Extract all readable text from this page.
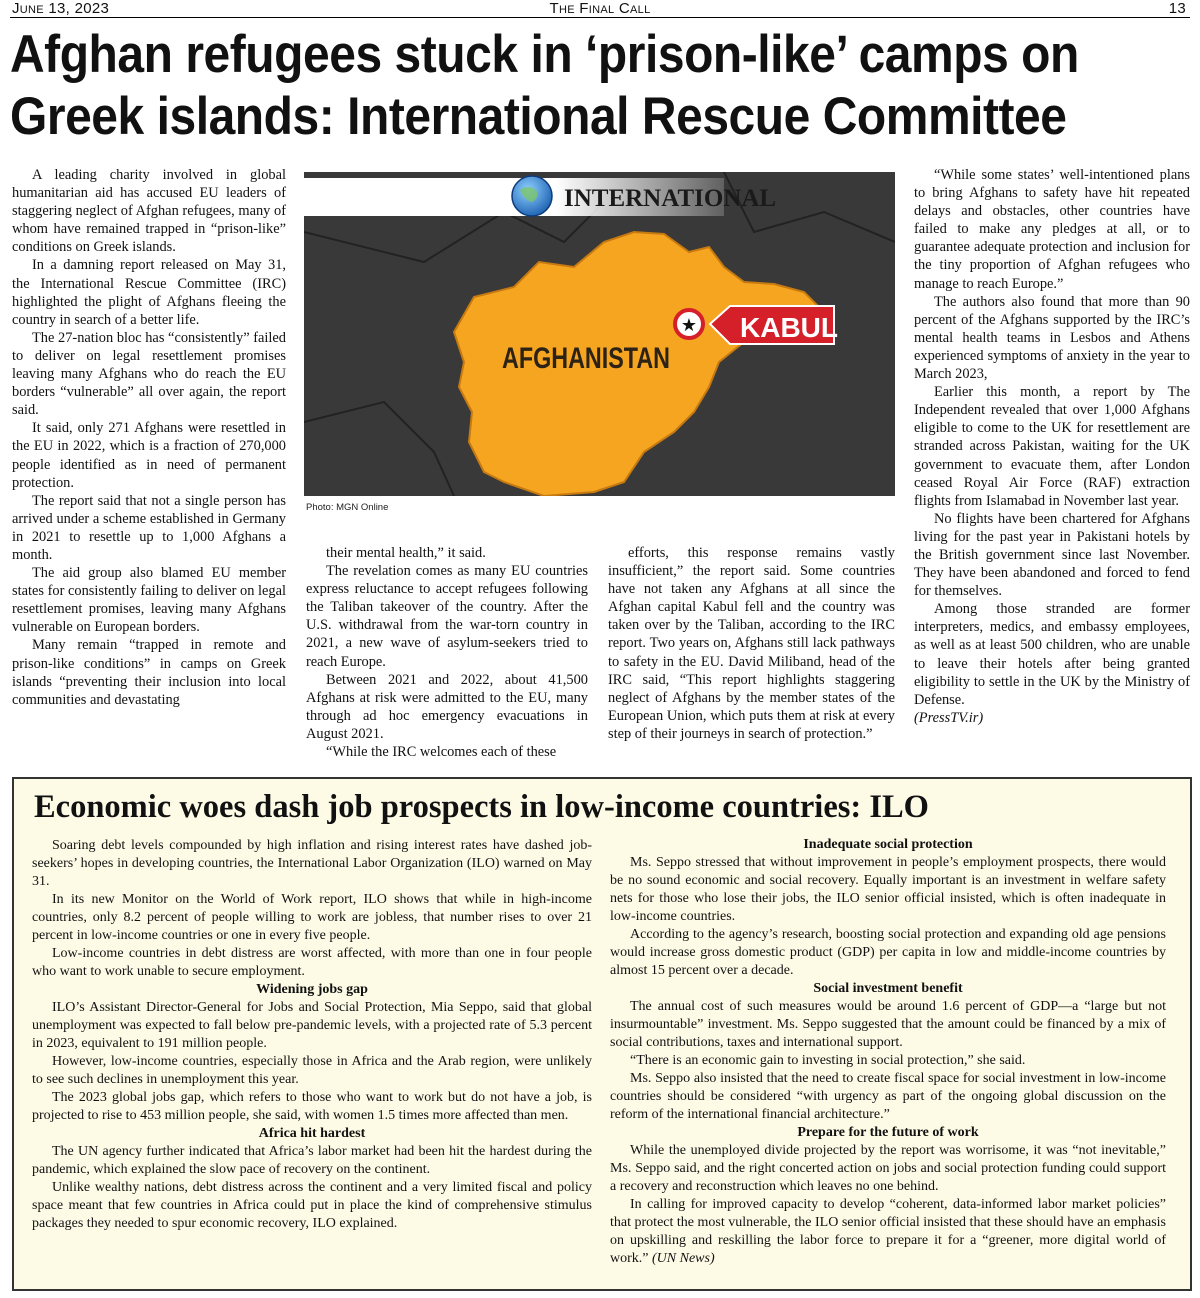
June 13, 2023	The Final Call	13
Afghan refugees stuck in ‘prison-like’ camps on
Greek islands: International Rescue Committee

A leading charity involved in global humanitarian aid has accused EU leaders of staggering neglect of Afghan refugees, many of whom have remained trapped in “prison-like” conditions on Greek islands.

In a damning report released on May 31, the International Rescue Committee (IRC) highlighted the plight of Afghans fleeing the country in search of a better life.

The 27-nation bloc has “consistently” failed to deliver on legal resettlement promises leaving many Afghans who do reach the EU borders “vulnerable” all over again, the report said.

It said, only 271 Afghans were resettled in the EU in 2022, which is a fraction of 270,000 people identified as in need of permanent protection.

The report said that not a single person has arrived under a scheme established in Germany in 2021 to resettle up to 1,000 Afghans a month.

The aid group also blamed EU member states for consistently failing to deliver on legal resettlement promises, leaving many Afghans vulnerable on European borders.

Many remain “trapped in remote and prison-like conditions” in camps on Greek islands “preventing their inclusion into local communities and devastating

INTERNATIONAL
AFGHANISTAN
★ KABUL
Photo: MGN Online

their mental health,” it said.

The revelation comes as many EU countries express reluctance to accept refugees following the Taliban takeover of the country. After the U.S. withdrawal from the war-torn country in 2021, a new wave of asylum-seekers tried to reach Europe.

Between 2021 and 2022, about 41,500 Afghans at risk were admitted to the EU, many through ad hoc emergency evacuations in August 2021.

“While the IRC welcomes each of these

efforts, this response remains vastly insufficient,” the report said. Some countries have not taken any Afghans at all since the Afghan capital Kabul fell and the country was taken over by the Taliban, according to the IRC report. Two years on, Afghans still lack pathways to safety in the EU. David Miliband, head of the IRC said, “This report highlights staggering neglect of Afghans by the member states of the European Union, which puts them at risk at every step of their journeys in search of protection.”

“While some states’ well-intentioned plans to bring Afghans to safety have hit repeated delays and obstacles, other countries have failed to make any pledges at all, or to guarantee adequate protection and inclusion for the tiny proportion of Afghan refugees who manage to reach Europe.”

The authors also found that more than 90 percent of the Afghans supported by the IRC’s mental health teams in Lesbos and Athens experienced symptoms of anxiety in the year to March 2023,

Earlier this month, a report by The Independent revealed that over 1,000 Afghans eligible to come to the UK for resettlement are stranded across Pakistan, waiting for the UK government to evacuate them, after London ceased Royal Air Force (RAF) extraction flights from Islamabad in November last year.

No flights have been chartered for Afghans living for the past year in Pakistani hotels by the British government since last November. They have been abandoned and forced to fend for themselves.

Among those stranded are former interpreters, medics, and embassy employees, as well as at least 500 children, who are unable to leave their hotels after being granted eligibility to settle in the UK by the Ministry of Defense.

(PressTV.ir)

Economic woes dash job prospects in low-income countries: ILO

Soaring debt levels compounded by high inflation and rising interest rates have dashed job-seekers’ hopes in developing countries, the International Labor Organization (ILO) warned on May 31.

In its new Monitor on the World of Work report, ILO shows that while in high-income countries, only 8.2 percent of people willing to work are jobless, that number rises to over 21 percent in low-income countries or one in every five people.

Low-income countries in debt distress are worst affected, with more than one in four people who want to work unable to secure employment.

Widening jobs gap

ILO’s Assistant Director-General for Jobs and Social Protection, Mia Seppo, said that global unemployment was expected to fall below pre-pandemic levels, with a projected rate of 5.3 percent in 2023, equivalent to 191 million people.

However, low-income countries, especially those in Africa and the Arab region, were unlikely to see such declines in unemployment this year.

The 2023 global jobs gap, which refers to those who want to work but do not have a job, is projected to rise to 453 million people, she said, with women 1.5 times more affected than men.

Africa hit hardest

The UN agency further indicated that Africa’s labor market had been hit the hardest during the pandemic, which explained the slow pace of recovery on the continent.

Unlike wealthy nations, debt distress across the continent and a very limited fiscal and policy space meant that few countries in Africa could put in place the kind of comprehensive stimulus packages they needed to spur economic recovery, ILO explained.

Inadequate social protection

Ms. Seppo stressed that without improvement in people’s employment prospects, there would be no sound economic and social recovery. Equally important is an investment in welfare safety nets for those who lose their jobs, the ILO senior official insisted, which is often inadequate in low-income countries.

According to the agency’s research, boosting social protection and expanding old age pensions would increase gross domestic product (GDP) per capita in low and middle-income countries by almost 15 percent over a decade.

Social investment benefit

The annual cost of such measures would be around 1.6 percent of GDP—a “large but not insurmountable” investment. Ms. Seppo suggested that the amount could be financed by a mix of social contributions, taxes and international support.

“There is an economic gain to investing in social protection,” she said.

Ms. Seppo also insisted that the need to create fiscal space for social investment in low-income countries should be considered “with urgency as part of the ongoing global discussion on the reform of the international financial architecture.”

Prepare for the future of work

While the unemployed divide projected by the report was worrisome, it was “not inevitable,” Ms. Seppo said, and the right concerted action on jobs and social protection funding could support a recovery and reconstruction which leaves no one behind.

In calling for improved capacity to develop “coherent, data-informed labor market policies” that protect the most vulnerable, the ILO senior official insisted that these should have an emphasis on upskilling and reskilling the labor force to prepare it for a “greener, more digital world of work.” (UN News)
